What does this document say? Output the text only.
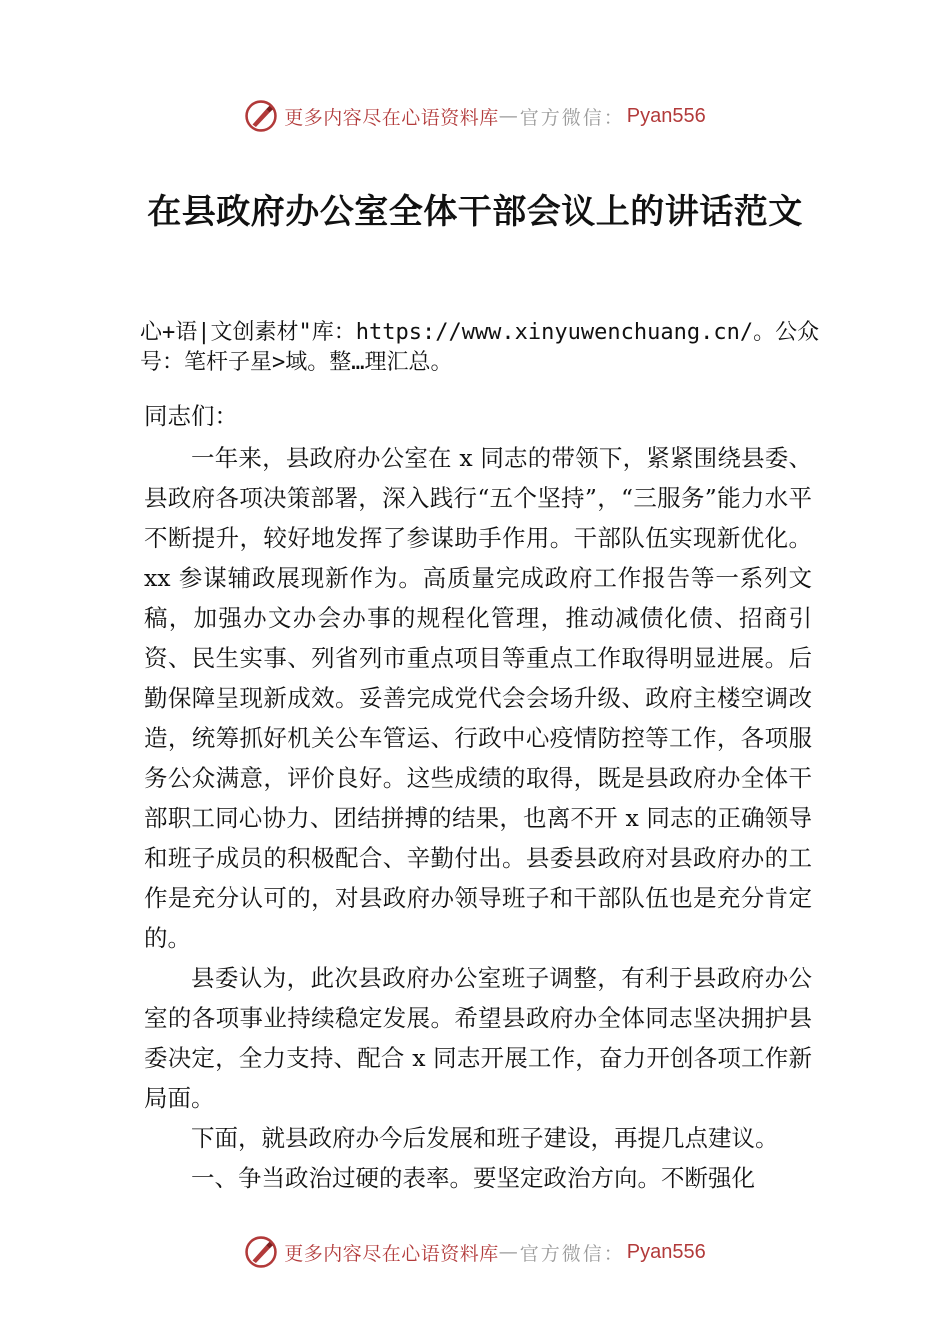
更多内容尽在心语资料库 — 官方微信： Pyan556
在县政府办公室全体干部会议上的讲话范文
心+语|文创素材"库：https://www.xinyuwenchuang.cn/。公众号：笔杆子星>域。整…理汇总。

同志们：

一年来，县政府办公室在 x 同志的带领下，紧紧围绕县委、县政府各项决策部署，深入践行“五个坚持”，“三服务”能力水平不断提升，较好地发挥了参谋助手作用。干部队伍实现新优化。xx 参谋辅政展现新作为。高质量完成政府工作报告等一系列文稿，加强办文办会办事的规程化管理，推动减债化债、招商引资、民生实事、列省列市重点项目等重点工作取得明显进展。后勤保障呈现新成效。妥善完成党代会会场升级、政府主楼空调改造，统筹抓好机关公车管运、行政中心疫情防控等工作，各项服务公众满意，评价良好。这些成绩的取得，既是县政府办全体干部职工同心协力、团结拼搏的结果，也离不开 x 同志的正确领导和班子成员的积极配合、辛勤付出。县委县政府对县政府办的工作是充分认可的，对县政府办领导班子和干部队伍也是充分肯定的。

县委认为，此次县政府办公室班子调整，有利于县政府办公室的各项事业持续稳定发展。希望县政府办全体同志坚决拥护县委决定，全力支持、配合 x 同志开展工作，奋力开创各项工作新局面。

下面，就县政府办今后发展和班子建设，再提几点建议。

一、争当政治过硬的表率。要坚定政治方向。不断强化

更多内容尽在心语资料库 — 官方微信： Pyan556
